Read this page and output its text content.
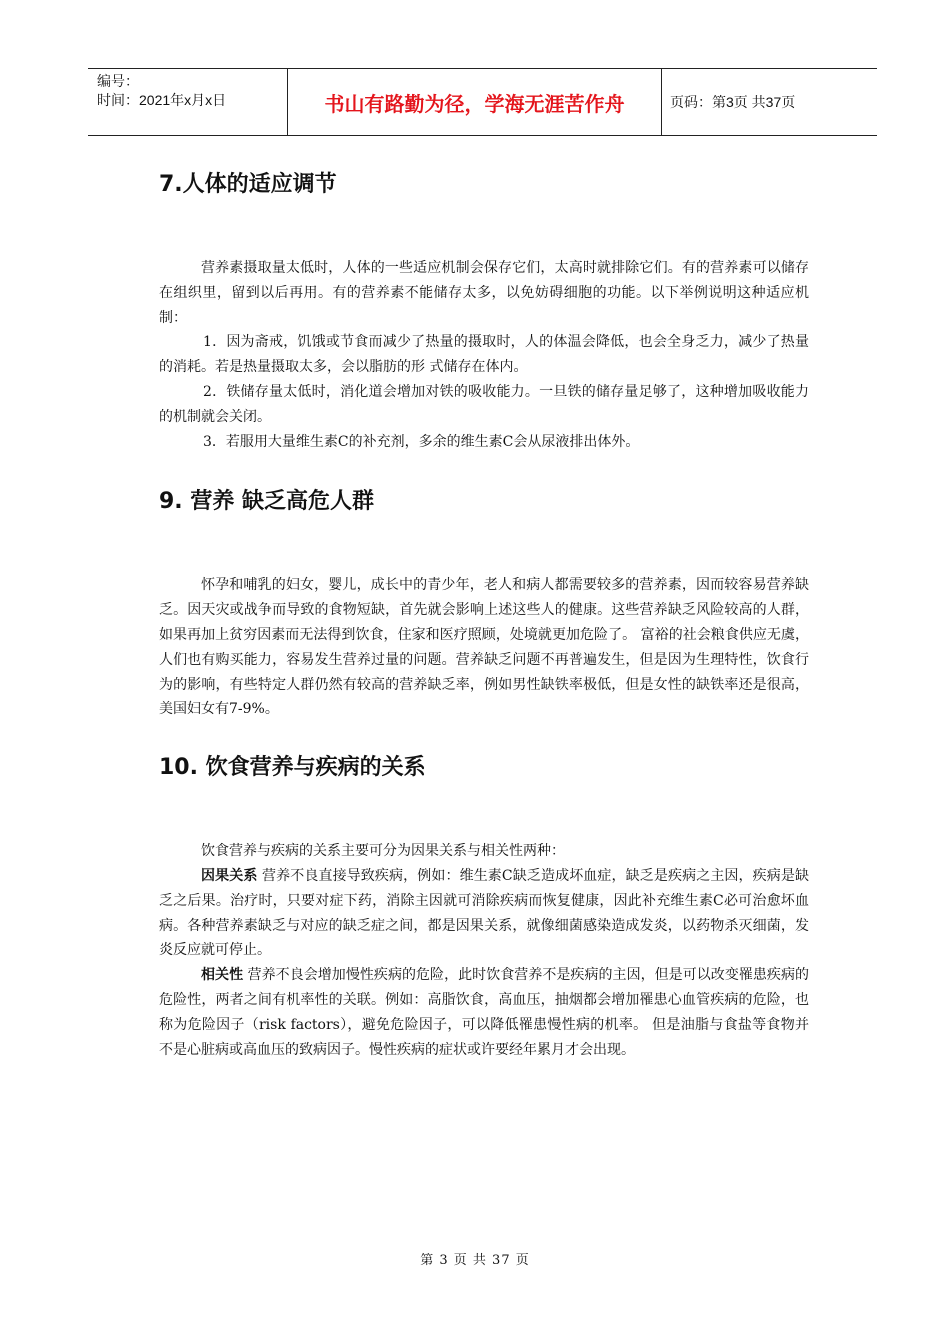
编号：
时间：2021年x月x日	书山有路勤为径，学海无涯苦作舟	页码：第3页 共37页
7.人体的适应调节

营养素摄取量太低时，人体的一些适应机制会保存它们，太高时就排除它们。有的营养素可以储存在组织里，留到以后再用。有的营养素不能储存太多，以免妨碍细胞的功能。以下举例说明这种适应机制：

1．因为斋戒，饥饿或节食而减少了热量的摄取时，人的体温会降低，也会全身乏力，减少了热量的消耗。若是热量摄取太多，会以脂肪的形 式储存在体内。

2．铁储存量太低时，消化道会增加对铁的吸收能力。一旦铁的储存量足够了，这种增加吸收能力的机制就会关闭。

3．若服用大量维生素C的补充剂，多余的维生素C会从尿液排出体外。

9. 营养 缺乏高危人群

怀孕和哺乳的妇女，婴儿，成长中的青少年，老人和病人都需要较多的营养素，因而较容易营养缺乏。因天灾或战争而导致的食物短缺，首先就会影响上述这些人的健康。这些营养缺乏风险较高的人群，如果再加上贫穷因素而无法得到饮食，住家和医疗照顾，处境就更加危险了。 富裕的社会粮食供应无虞，人们也有购买能力，容易发生营养过量的问题。营养缺乏问题不再普遍发生，但是因为生理特性，饮食行为的影响，有些特定人群仍然有较高的营养缺乏率，例如男性缺铁率极低，但是女性的缺铁率还是很高，美国妇女有7-9%。

10. 饮食营养与疾病的关系

饮食营养与疾病的关系主要可分为因果关系与相关性两种：

因果关系 营养不良直接导致疾病，例如：维生素C缺乏造成坏血症，缺乏是疾病之主因，疾病是缺乏之后果。治疗时，只要对症下药，消除主因就可消除疾病而恢复健康，因此补充维生素C必可治愈坏血病。各种营养素缺乏与对应的缺乏症之间，都是因果关系，就像细菌感染造成发炎，以药物杀灭细菌，发炎反应就可停止。

相关性 营养不良会增加慢性疾病的危险，此时饮食营养不是疾病的主因，但是可以改变罹患疾病的危险性，两者之间有机率性的关联。例如：高脂饮食，高血压，抽烟都会增加罹患心血管疾病的危险，也称为危险因子（risk factors），避免危险因子，可以降低罹患慢性病的机率。 但是油脂与食盐等食物并不是心脏病或高血压的致病因子。慢性疾病的症状或许要经年累月才会出现。

第 3 页 共 37 页
